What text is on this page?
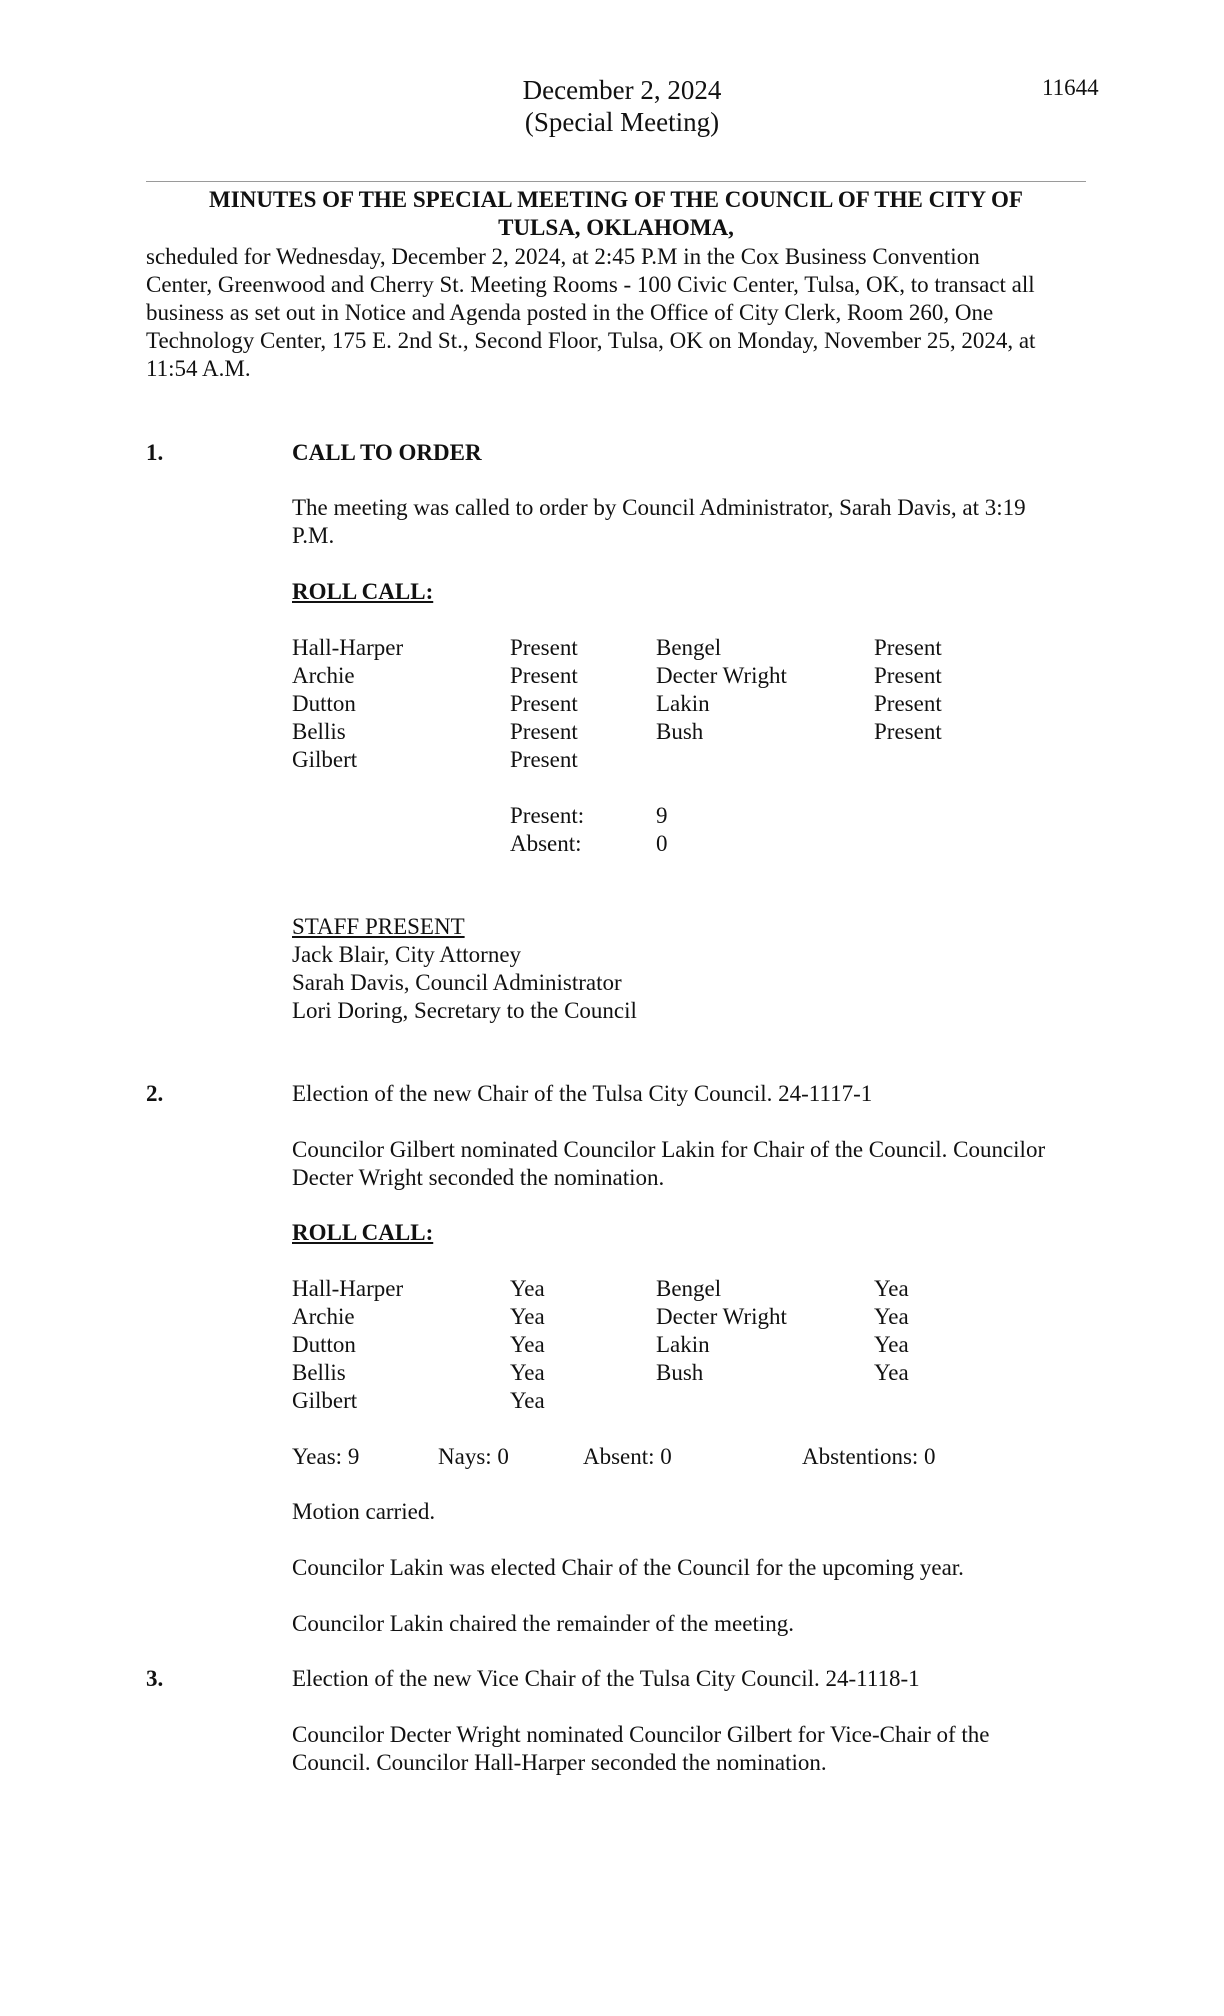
December 2, 2024
(Special Meeting)
11644
MINUTES OF THE SPECIAL MEETING OF THE COUNCIL OF THE CITY OF
TULSA, OKLAHOMA,
scheduled for Wednesday, December 2, 2024, at 2:45 P.M in the Cox Business Convention
Center, Greenwood and Cherry St. Meeting Rooms - 100 Civic Center, Tulsa, OK, to transact all
business as set out in Notice and Agenda posted in the Office of City Clerk, Room 260, One
Technology Center, 175 E. 2nd St., Second Floor, Tulsa, OK on Monday, November 25, 2024, at
11:54 A.M.
1.	CALL TO ORDER
The meeting was called to order by Council Administrator, Sarah Davis, at 3:19
P.M.
ROLL CALL:
Hall-Harper	Present	Bengel	Present
Archie	Present	Decter Wright	Present
Dutton	Present	Lakin	Present
Bellis	Present	Bush	Present
Gilbert	Present
Present:	9
Absent:	0
STAFF PRESENT
Jack Blair, City Attorney
Sarah Davis, Council Administrator
Lori Doring, Secretary to the Council
2.	Election of the new Chair of the Tulsa City Council. 24-1117-1
Councilor Gilbert nominated Councilor Lakin for Chair of the Council. Councilor
Decter Wright seconded the nomination.
ROLL CALL:
Hall-Harper	Yea	Bengel	Yea
Archie	Yea	Decter Wright	Yea
Dutton	Yea	Lakin	Yea
Bellis	Yea	Bush	Yea
Gilbert	Yea
Yeas: 9	Nays: 0	Absent: 0	Abstentions: 0
Motion carried.
Councilor Lakin was elected Chair of the Council for the upcoming year.
Councilor Lakin chaired the remainder of the meeting.
3.	Election of the new Vice Chair of the Tulsa City Council. 24-1118-1
Councilor Decter Wright nominated Councilor Gilbert for Vice-Chair of the
Council. Councilor Hall-Harper seconded the nomination.
